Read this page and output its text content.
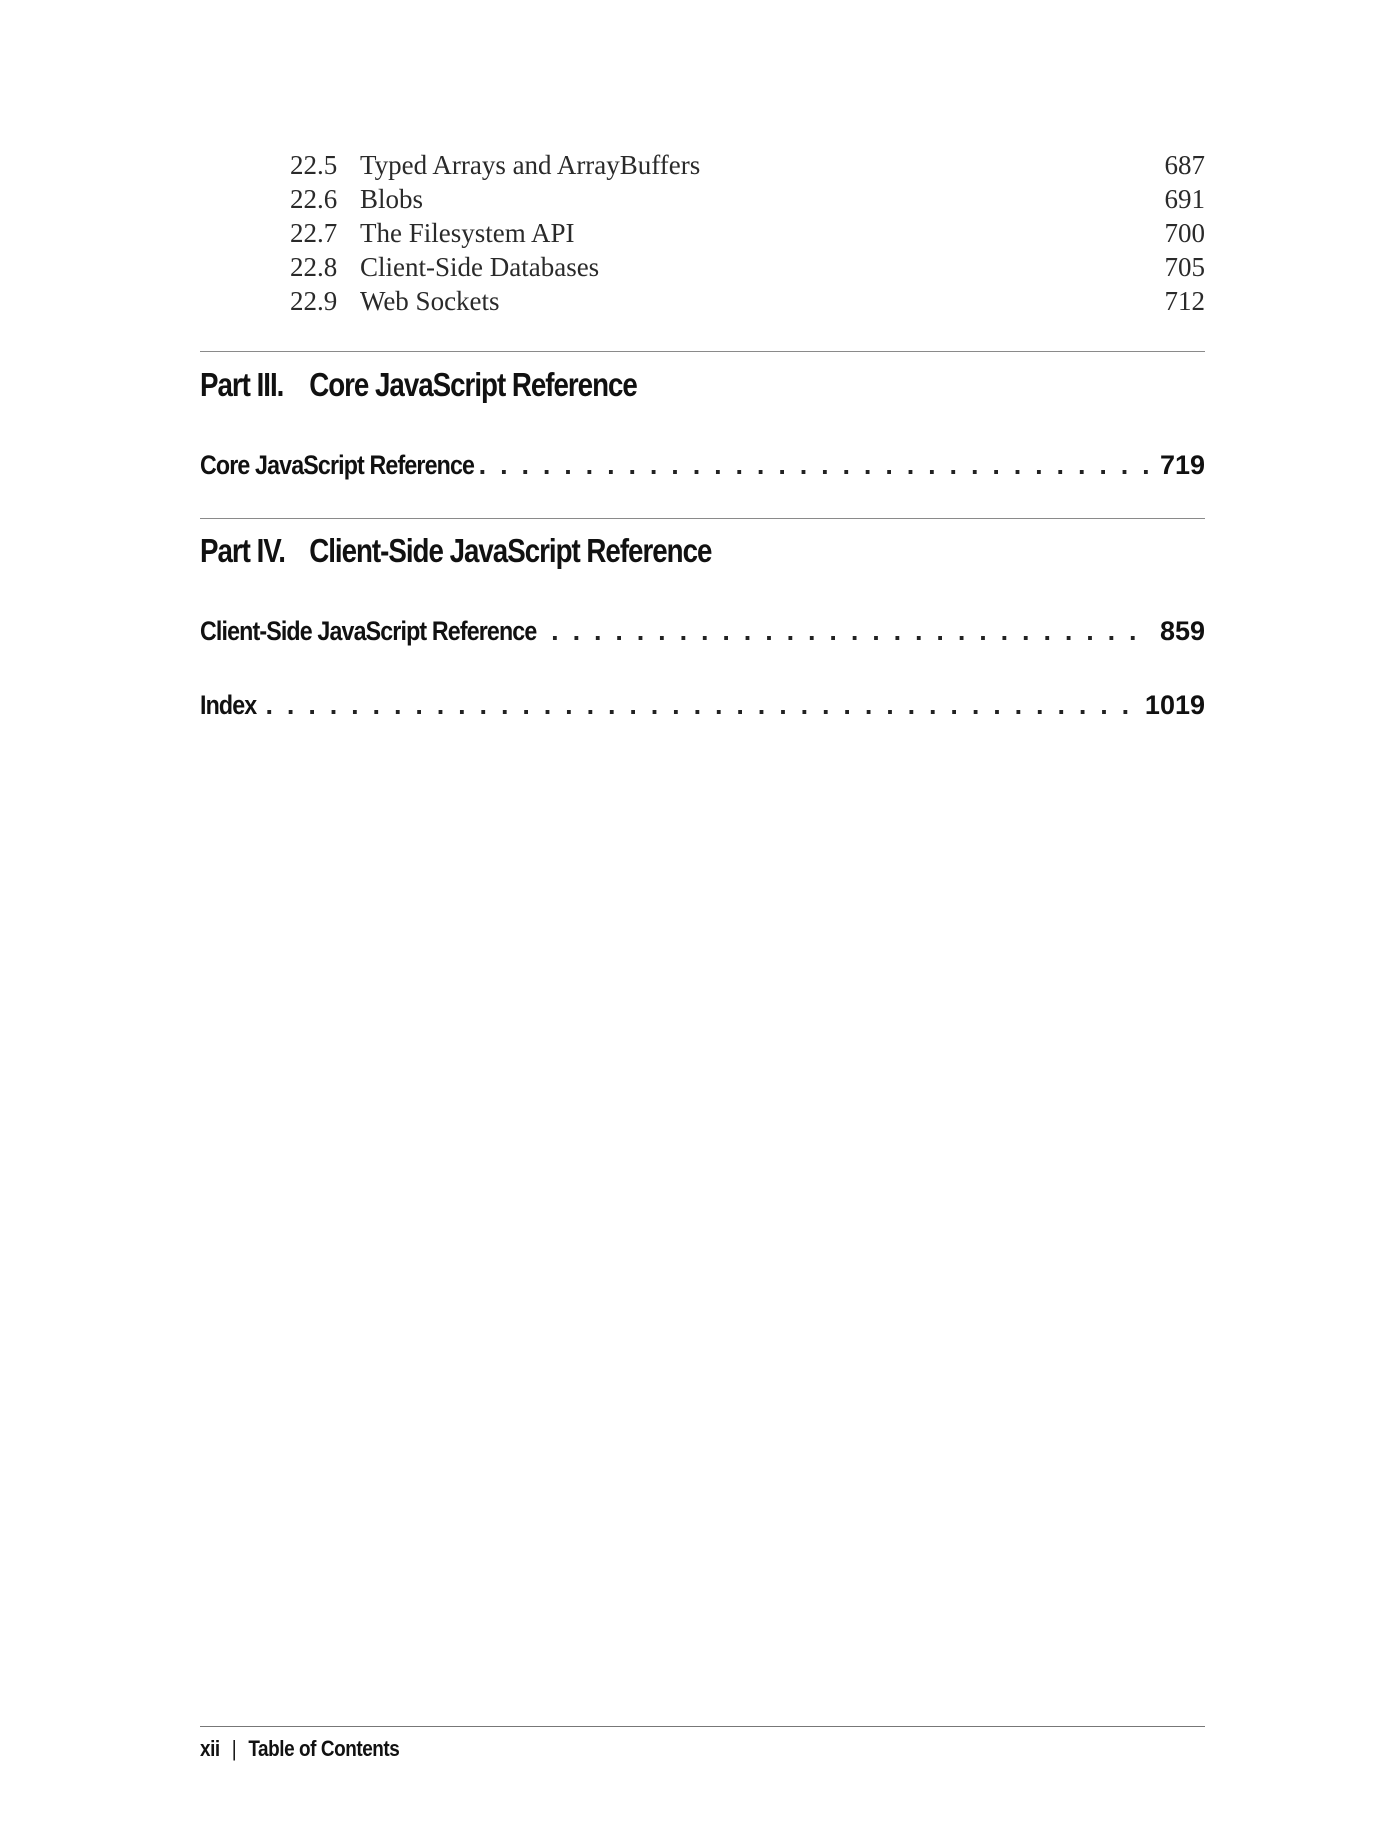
22.5 Typed Arrays and ArrayBuffers	687
22.6 Blobs	691
22.7 The Filesystem API	700
22.8 Client-Side Databases	705
22.9 Web Sockets	712
Part III. Core JavaScript Reference
Core JavaScript Reference . . .	719
Part IV. Client-Side JavaScript Reference
Client-Side JavaScript Reference . . .	859
Index . . .	1019
xii | Table of Contents
